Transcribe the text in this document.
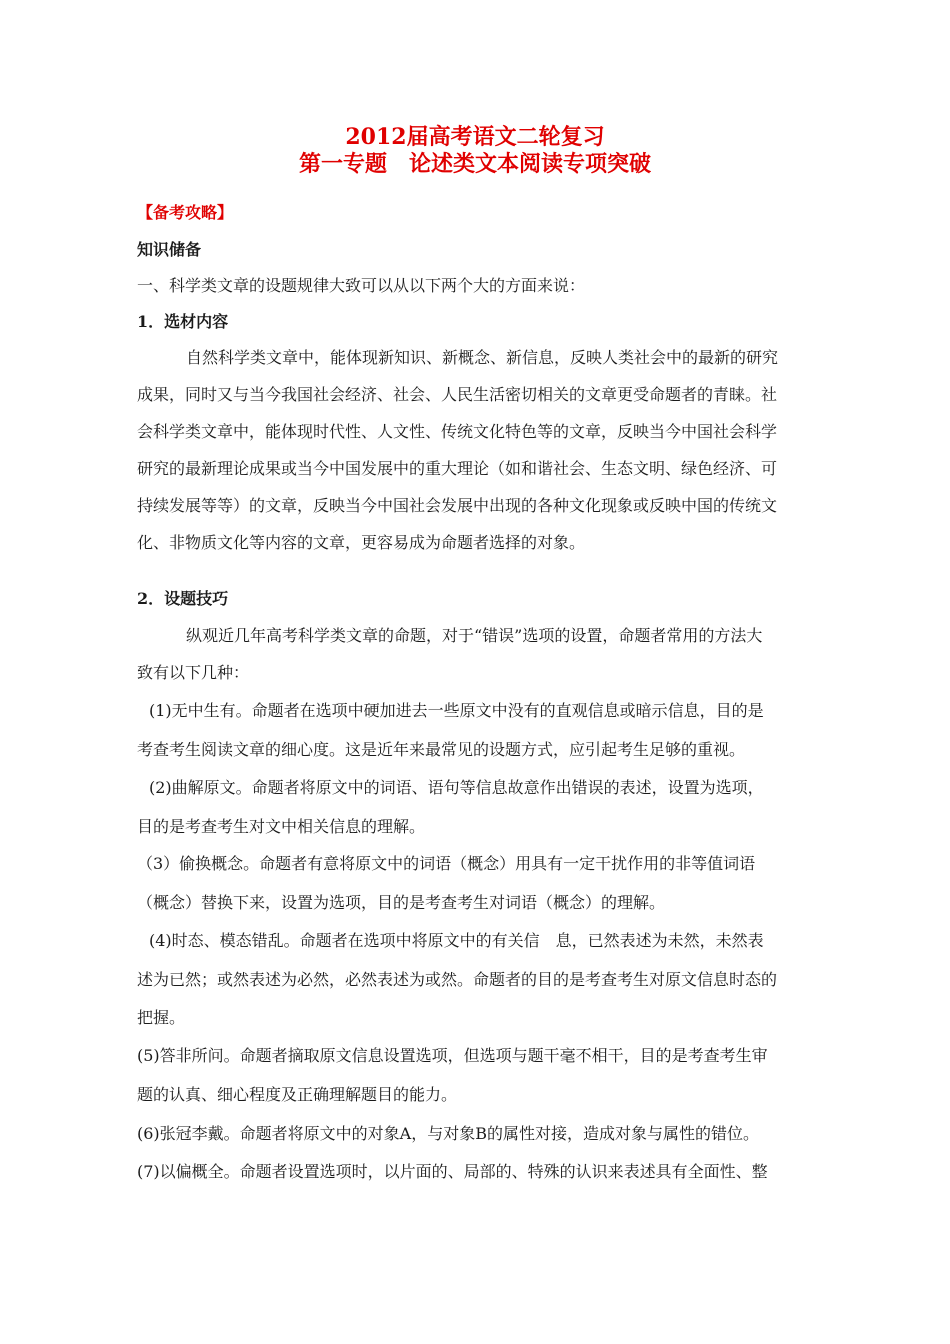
2012届高考语文二轮复习
第一专题　论述类文本阅读专项突破
【备考攻略】
知识储备
一、科学类文章的设题规律大致可以从以下两个大的方面来说：
1．选材内容
自然科学类文章中，能体现新知识、新概念、新信息，反映人类社会中的最新的研究
成果，同时又与当今我国社会经济、社会、人民生活密切相关的文章更受命题者的青睐。社
会科学类文章中，能体现时代性、人文性、传统文化特色等的文章，反映当今中国社会科学
研究的最新理论成果或当今中国发展中的重大理论（如和谐社会、生态文明、绿色经济、可
持续发展等等）的文章，反映当今中国社会发展中出现的各种文化现象或反映中国的传统文
化、非物质文化等内容的文章，更容易成为命题者选择的对象。
2．设题技巧
纵观近几年高考科学类文章的命题，对于“错误”选项的设置，命题者常用的方法大
致有以下几种：
(1)无中生有。命题者在选项中硬加进去一些原文中没有的直观信息或暗示信息，目的是
考查考生阅读文章的细心度。这是近年来最常见的设题方式，应引起考生足够的重视。
(2)曲解原文。命题者将原文中的词语、语句等信息故意作出错误的表述，设置为选项，
目的是考查考生对文中相关信息的理解。
（3）偷换概念。命题者有意将原文中的词语（概念）用具有一定干扰作用的非等值词语
（概念）替换下来，设置为选项，目的是考查考生对词语（概念）的理解。
(4)时态、模态错乱。命题者在选项中将原文中的有关信　息，已然表述为未然，未然表
述为已然；或然表述为必然，必然表述为或然。命题者的目的是考查考生对原文信息时态的
把握。
(5)答非所问。命题者摘取原文信息设置选项，但选项与题干毫不相干，目的是考查考生审
题的认真、细心程度及正确理解题目的能力。
(6)张冠李戴。命题者将原文中的对象A，与对象B的属性对接，造成对象与属性的错位。
(7)以偏概全。命题者设置选项时，以片面的、局部的、特殊的认识来表述具有全面性、整
